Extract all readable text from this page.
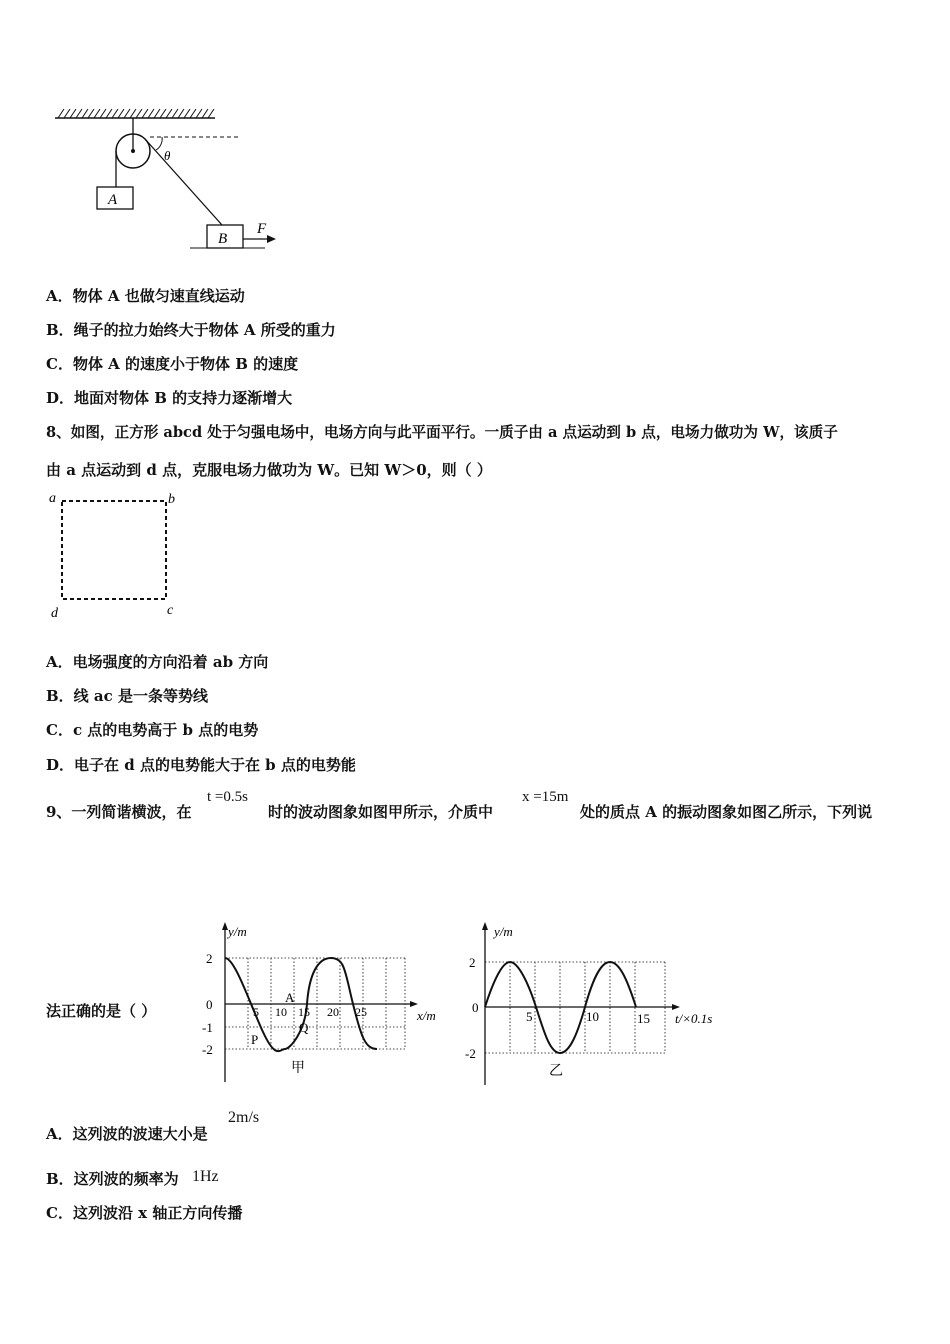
A
θ
B
F
A．物体 A 也做匀速直线运动
B．绳子的拉力始终大于物体 A 所受的重力
C．物体 A 的速度小于物体 B 的速度
D．地面对物体 B 的支持力逐渐增大
8、如图，正方形 abcd 处于匀强电场中，电场方向与此平面平行。一质子由 a 点运动到 b 点，电场力做功为 W，该质子
由 a 点运动到 d 点，克服电场力做功为 W。已知 W＞0，则（ ）
a	b
c
d
A．电场强度的方向沿着 ab 方向
B．线 ac 是一条等势线
C．c 点的电势高于 b 点的电势
D．电子在 d 点的电势能大于在 b 点的电势能
9、一列简谐横波，在
t =0.5s
时的波动图象如图甲所示，介质中
x =15m
处的质点 A 的振动图象如图乙所示，下列说
法正确的是（ ）
y/m
x/m
2
0
-1
-2
5 10 15 20 25
A
P
Q
甲
y/m
t/×0.1s
2
0
-2
5	10	15
乙
A．这列波的波速大小是
2m/s
B．这列波的频率为 1Hz
C．这列波沿 x 轴正方向传播
